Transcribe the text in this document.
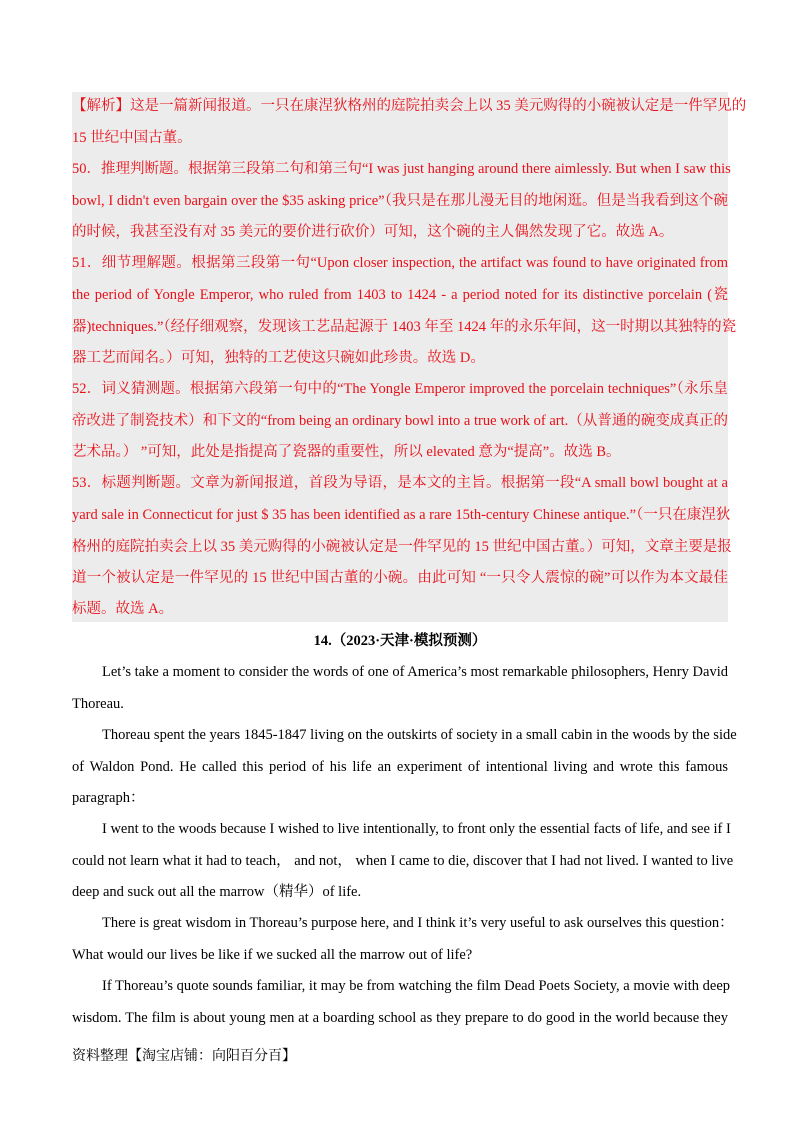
【解析】这是一篇新闻报道。一只在康涅狄格州的庭院拍卖会上以 35 美元购得的小碗被认定是一件罕见的
15 世纪中国古董。
50．推理判断题。根据第三段第二句和第三句“I was just hanging around there aimlessly. But when I saw this
bowl, I didn't even bargain over the $35 asking price”（我只是在那儿漫无目的地闲逛。但是当我看到这个碗
的时候，我甚至没有对 35 美元的要价进行砍价）可知，这个碗的主人偶然发现了它。故选 A。
51．细节理解题。根据第三段第一句“Upon closer inspection, the artifact was found to have originated from
the period of Yongle Emperor, who ruled from 1403 to 1424 - a period noted for its distinctive porcelain (瓷
器)techniques.”（经仔细观察，发现该工艺品起源于 1403 年至 1424 年的永乐年间，这一时期以其独特的瓷
器工艺而闻名。）可知，独特的工艺使这只碗如此珍贵。故选 D。
52．词义猜测题。根据第六段第一句中的“The Yongle Emperor improved the porcelain techniques”（永乐皇
帝改进了制瓷技术）和下文的“from being an ordinary bowl into a true work of art.（从普通的碗变成真正的
艺术品。） ”可知，此处是指提高了瓷器的重要性，所以 elevated 意为“提高”。故选 B。
53．标题判断题。文章为新闻报道，首段为导语，是本文的主旨。根据第一段“A small bowl bought at a
yard sale in Connecticut for just $ 35 has been identified as a rare 15th-century Chinese antique.”（一只在康涅狄
格州的庭院拍卖会上以 35 美元购得的小碗被认定是一件罕见的 15 世纪中国古董。）可知，文章主要是报
道一个被认定是一件罕见的 15 世纪中国古董的小碗。由此可知 “一只令人震惊的碗”可以作为本文最佳
标题。故选 A。
14.（2023·天津·模拟预测）
Let’s take a moment to consider the words of one of America’s most remarkable philosophers, Henry David
Thoreau.
Thoreau spent the years 1845-1847 living on the outskirts of society in a small cabin in the woods by the side
of Waldon Pond. He called this period of his life an experiment of intentional living and wrote this famous
paragraph：
I went to the woods because I wished to live intentionally, to front only the essential facts of life, and see if I
could not learn what it had to teach， and not， when I came to die, discover that I had not lived. I wanted to live
deep and suck out all the marrow（精华）of life.
There is great wisdom in Thoreau’s purpose here, and I think it’s very useful to ask ourselves this question：
What would our lives be like if we sucked all the marrow out of life?
If Thoreau’s quote sounds familiar, it may be from watching the film Dead Poets Society, a movie with deep
wisdom. The film is about young men at a boarding school as they prepare to do good in the world because they
资料整理【淘宝店铺：向阳百分百】
